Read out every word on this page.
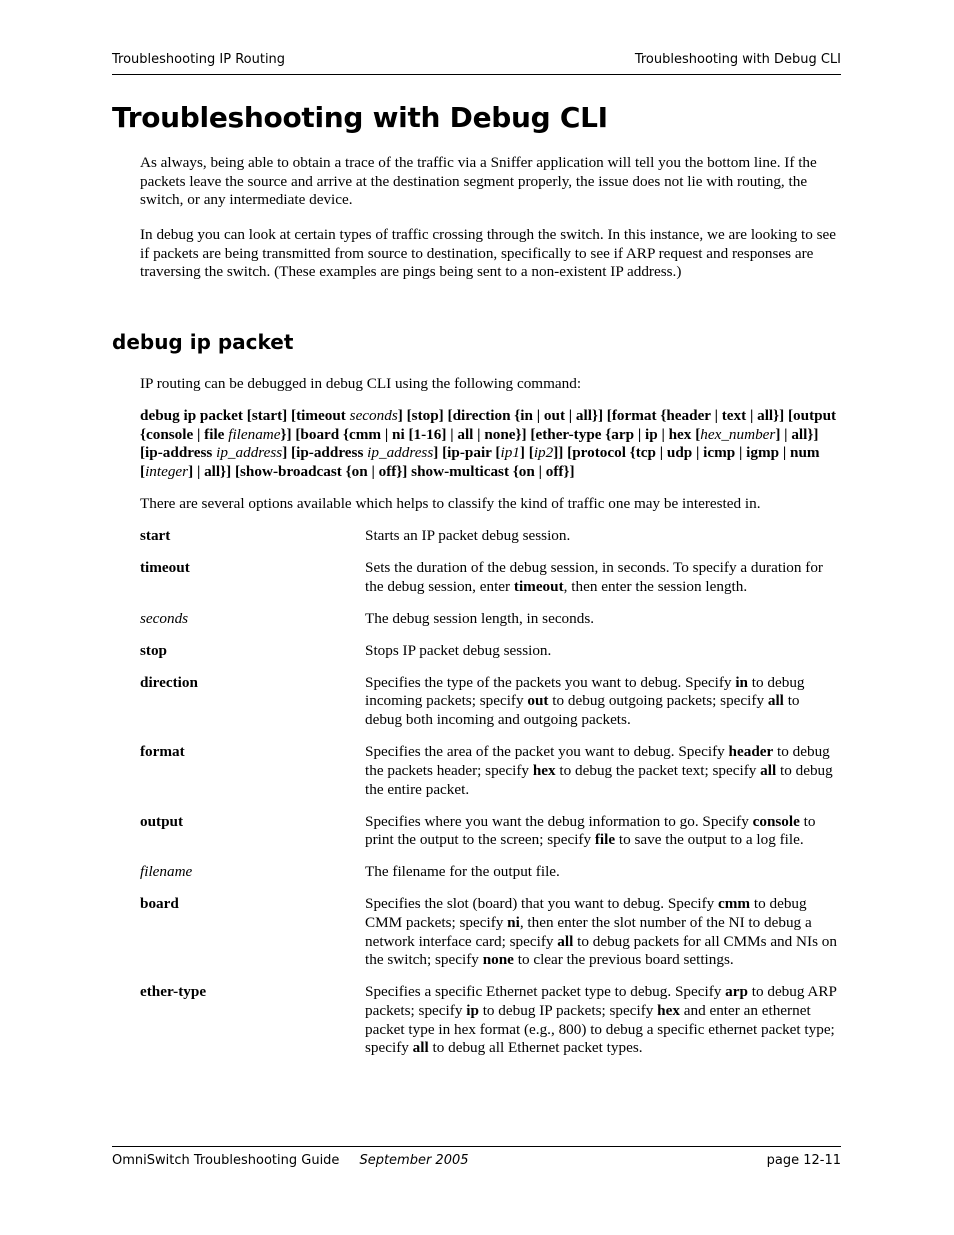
Troubleshooting IP Routing	Troubleshooting with Debug CLI
Troubleshooting with Debug CLI

As always, being able to obtain a trace of the traffic via a Sniffer application will tell you the bottom line. If the packets leave the source and arrive at the destination segment properly, the issue does not lie with routing, the switch, or any intermediate device.

In debug you can look at certain types of traffic crossing through the switch. In this instance, we are looking to see if packets are being transmitted from source to destination, specifically to see if ARP request and responses are traversing the switch. (These examples are pings being sent to a non-existent IP address.)

debug ip packet

IP routing can be debugged in debug CLI using the following command:

debug ip packet [start] [timeout seconds] [stop] [direction {in | out | all}] [format {header | text | all}] [output {console | file filename}] [board {cmm | ni [1-16] | all | none}] [ether-type {arp | ip | hex [hex_number] | all}] [ip-address ip_address] [ip-address ip_address] [ip-pair [ip1] [ip2]] [protocol {tcp | udp | icmp | igmp | num [integer] | all}] [show-broadcast {on | off}] show-multicast {on | off}]

There are several options available which helps to classify the kind of traffic one may be interested in.

start	Starts an IP packet debug session.
timeout	Sets the duration of the debug session, in seconds. To specify a duration for the debug session, enter timeout, then enter the session length.
seconds	The debug session length, in seconds.
stop	Stops IP packet debug session.
direction	Specifies the type of the packets you want to debug. Specify in to debug incoming packets; specify out to debug outgoing packets; specify all to debug both incoming and outgoing packets.
format	Specifies the area of the packet you want to debug. Specify header to debug the packets header; specify hex to debug the packet text; specify all to debug the entire packet.
output	Specifies where you want the debug information to go. Specify console to print the output to the screen; specify file to save the output to a log file.
filename	The filename for the output file.
board	Specifies the slot (board) that you want to debug. Specify cmm to debug CMM packets; specify ni, then enter the slot number of the NI to debug a network interface card; specify all to debug packets for all CMMs and NIs on the switch; specify none to clear the previous board settings.
ether-type	Specifies a specific Ethernet packet type to debug. Specify arp to debug ARP packets; specify ip to debug IP packets; specify hex and enter an ethernet packet type in hex format (e.g., 800) to debug a specific ethernet packet type; specify all to debug all Ethernet packet types.
OmniSwitch Troubleshooting Guide September 2005	page 12-11
